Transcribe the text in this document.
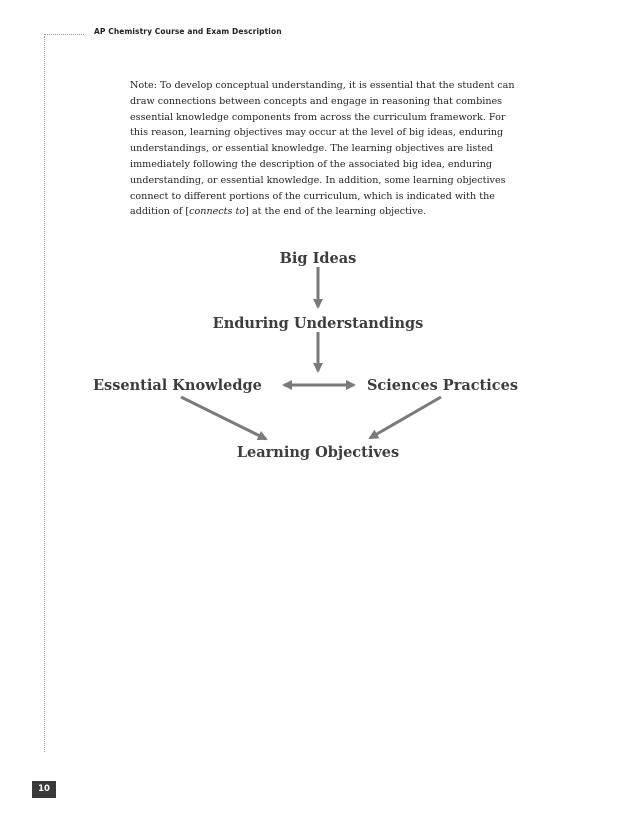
AP Chemistry Course and Exam Description

Note: To develop conceptual understanding, it is essential that the student can draw connections between concepts and engage in reasoning that combines essential knowledge components from across the curriculum framework. For this reason, learning objectives may occur at the level of big ideas, enduring understandings, or essential knowledge. The learning objectives are listed immediately following the description of the associated big idea, enduring understanding, or essential knowledge. In addition, some learning objectives connect to different portions of the curriculum, which is indicated with the addition of [connects to] at the end of the learning objective.

Big Ideas
Enduring Understandings
Essential Knowledge	Sciences Practices
Learning Objectives
10
